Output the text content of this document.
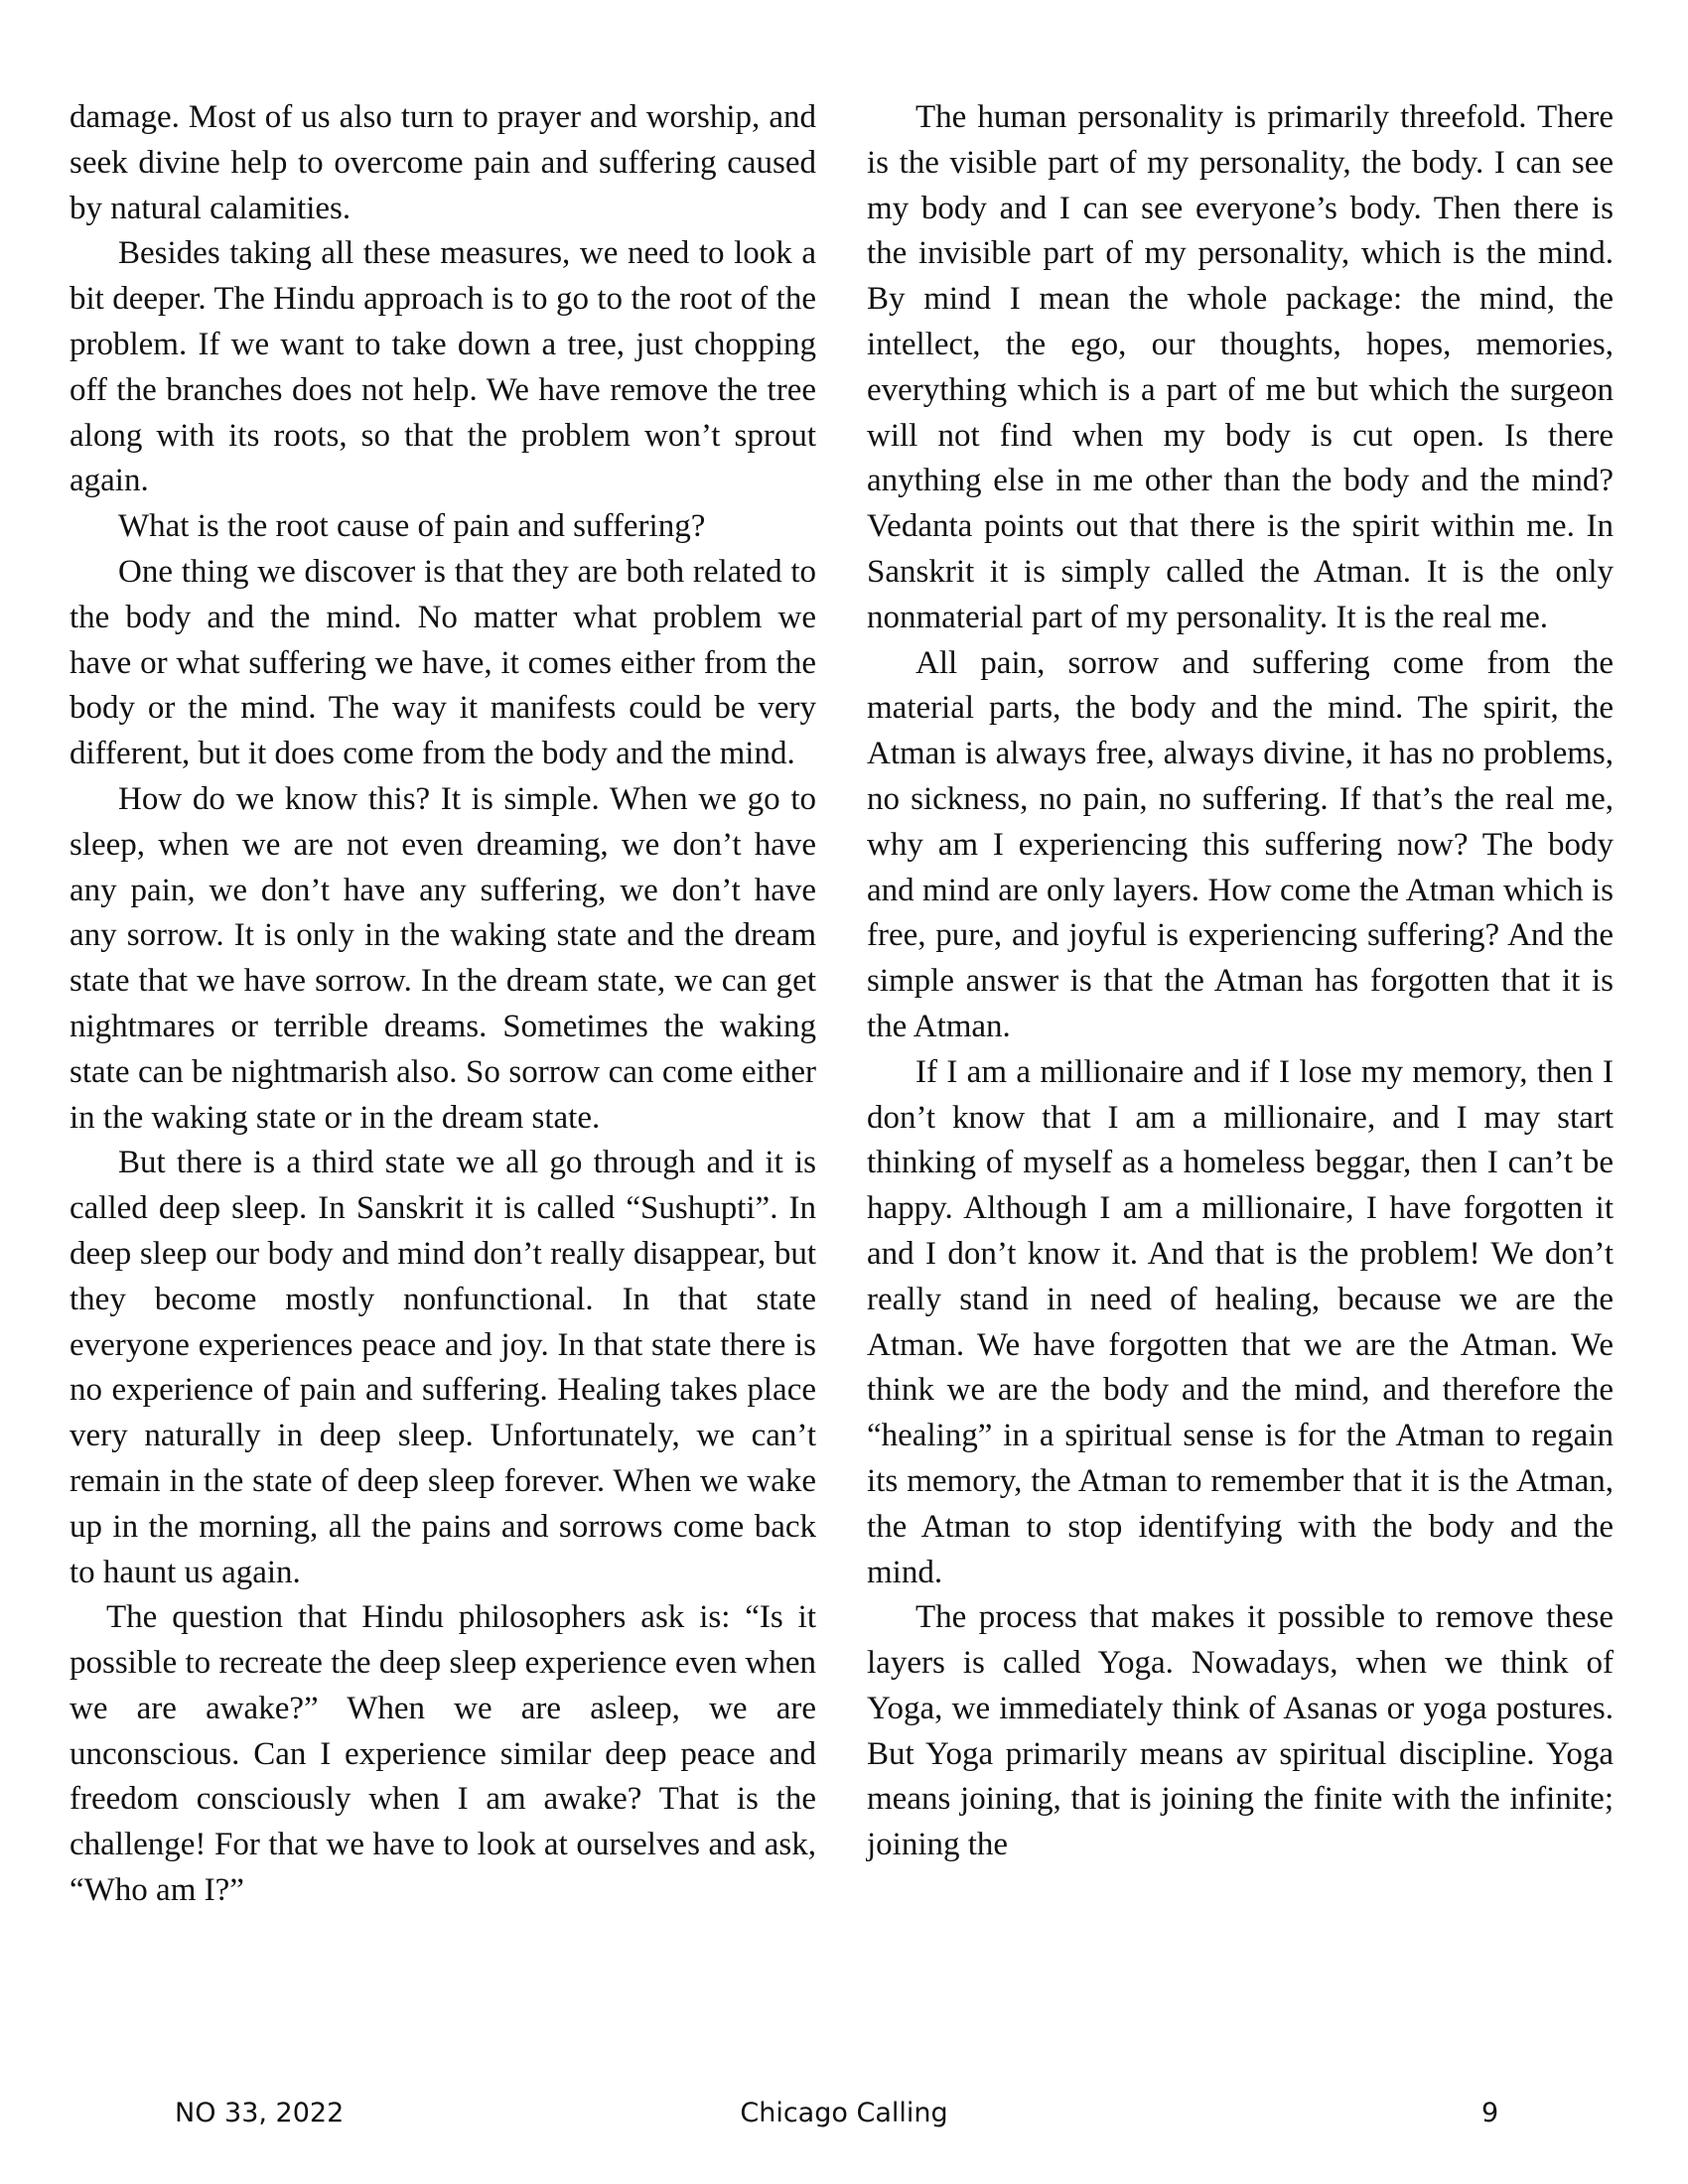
damage. Most of us also turn to prayer and worship, and seek divine help to overcome pain and suffering caused by natural calamities.

Besides taking all these measures, we need to look a bit deeper. The Hindu approach is to go to the root of the problem. If we want to take down a tree, just chopping off the branches does not help. We have remove the tree along with its roots, so that the problem won’t sprout again.

What is the root cause of pain and suffering?

One thing we discover is that they are both related to the body and the mind. No matter what problem we have or what suffering we have, it comes either from the body or the mind. The way it manifests could be very different, but it does come from the body and the mind.

How do we know this? It is simple. When we go to sleep, when we are not even dreaming, we don’t have any pain, we don’t have any suffering, we don’t have any sorrow. It is only in the waking state and the dream state that we have sorrow. In the dream state, we can get nightmares or terrible dreams. Sometimes the waking state can be nightmarish also. So sorrow can come either in the waking state or in the dream state.

But there is a third state we all go through and it is called deep sleep. In Sanskrit it is called “Sushupti”. In deep sleep our body and mind don’t really disappear, but they become mostly nonfunctional. In that state everyone experiences peace and joy. In that state there is no experience of pain and suffering. Healing takes place very naturally in deep sleep. Unfortunately, we can’t remain in the state of deep sleep forever. When we wake up in the morning, all the pains and sorrows come back to haunt us again.

The question that Hindu philosophers ask is: “Is it possible to recreate the deep sleep experience even when we are awake?” When we are asleep, we are unconscious. Can I experience similar deep peace and freedom consciously when I am awake? That is the challenge! For that we have to look at ourselves and ask, “Who am I?”

The human personality is primarily threefold. There is the visible part of my personality, the body. I can see my body and I can see everyone’s body. Then there is the invisible part of my personality, which is the mind. By mind I mean the whole package: the mind, the intellect, the ego, our thoughts, hopes, memories, everything which is a part of me but which the surgeon will not find when my body is cut open. Is there anything else in me other than the body and the mind? Vedanta points out that there is the spirit within me. In Sanskrit it is simply called the Atman. It is the only nonmaterial part of my personality. It is the real me.

All pain, sorrow and suffering come from the material parts, the body and the mind. The spirit, the Atman is always free, always divine, it has no problems, no sickness, no pain, no suffering. If that’s the real me, why am I experiencing this suffering now? The body and mind are only layers. How come the Atman which is free, pure, and joyful is experiencing suffering? And the simple answer is that the Atman has forgotten that it is the Atman.

If I am a millionaire and if I lose my memory, then I don’t know that I am a millionaire, and I may start thinking of myself as a homeless beggar, then I can’t be happy. Although I am a millionaire, I have forgotten it and I don’t know it. And that is the problem! We don’t really stand in need of healing, because we are the Atman. We have forgotten that we are the Atman. We think we are the body and the mind, and therefore the “healing” in a spiritual sense is for the Atman to regain its memory, the Atman to remember that it is the Atman, the Atman to stop identifying with the body and the mind.

The process that makes it possible to remove these layers is called Yoga. Nowadays, when we think of Yoga, we immediately think of Asanas or yoga postures. But Yoga primarily means av spiritual discipline. Yoga means joining, that is joining the finite with the infinite; joining the

Chicago Calling
NO 33, 2022	9
